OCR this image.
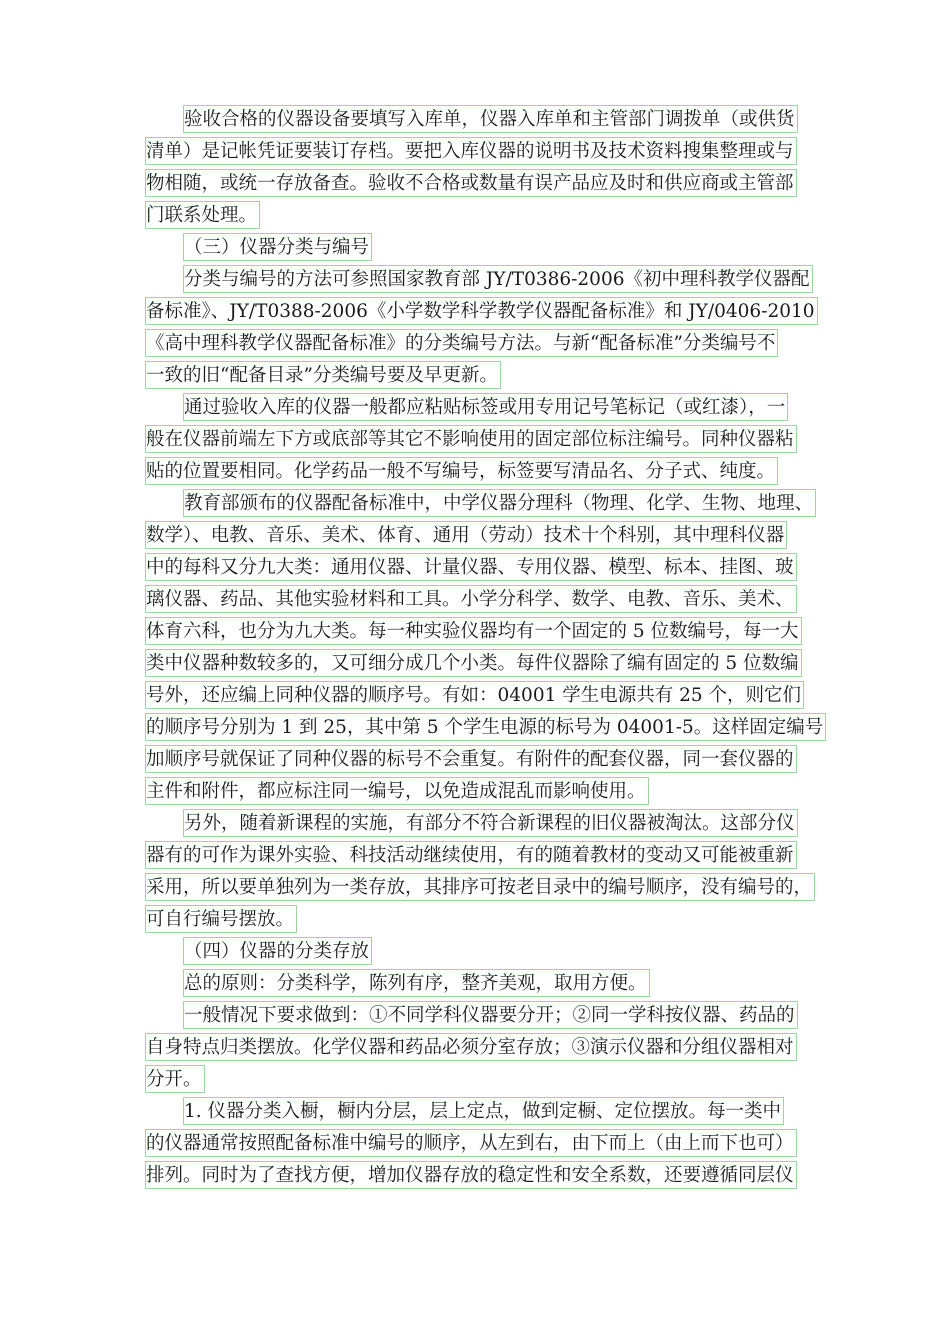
验收合格的仪器设备要填写入库单，仪器入库单和主管部门调拨单（或供货
清单）是记帐凭证要装订存档。要把入库仪器的说明书及技术资料搜集整理或与
物相随，或统一存放备查。验收不合格或数量有误产品应及时和供应商或主管部
门联系处理。
（三）仪器分类与编号
分类与编号的方法可参照国家教育部 JY/T0386-2006《初中理科教学仪器配
备标准》、JY/T0388-2006《小学数学科学教学仪器配备标准》和 JY/0406-2010
《高中理科教学仪器配备标准》的分类编号方法。与新“配备标准”分类编号不
一致的旧“配备目录”分类编号要及早更新。
通过验收入库的仪器一般都应粘贴标签或用专用记号笔标记（或红漆），一
般在仪器前端左下方或底部等其它不影响使用的固定部位标注编号。同种仪器粘
贴的位置要相同。化学药品一般不写编号，标签要写清品名、分子式、纯度。
教育部颁布的仪器配备标准中，中学仪器分理科（物理、化学、生物、地理、
数学）、电教、音乐、美术、体育、通用（劳动）技术十个科别，其中理科仪器
中的每科又分九大类：通用仪器、计量仪器、专用仪器、模型、标本、挂图、玻
璃仪器、药品、其他实验材料和工具。小学分科学、数学、电教、音乐、美术、
体育六科，也分为九大类。每一种实验仪器均有一个固定的 5 位数编号，每一大
类中仪器种数较多的，又可细分成几个小类。每件仪器除了编有固定的 5 位数编
号外，还应编上同种仪器的顺序号。有如：04001 学生电源共有 25 个，则它们
的顺序号分别为 1 到 25，其中第 5 个学生电源的标号为 04001-5。这样固定编号
加顺序号就保证了同种仪器的标号不会重复。有附件的配套仪器，同一套仪器的
主件和附件，都应标注同一编号，以免造成混乱而影响使用。
另外，随着新课程的实施，有部分不符合新课程的旧仪器被淘汰。这部分仪
器有的可作为课外实验、科技活动继续使用，有的随着教材的变动又可能被重新
采用，所以要单独列为一类存放，其排序可按老目录中的编号顺序，没有编号的，
可自行编号摆放。
（四）仪器的分类存放
总的原则：分类科学，陈列有序，整齐美观，取用方便。
一般情况下要求做到：①不同学科仪器要分开；②同一学科按仪器、药品的
自身特点归类摆放。化学仪器和药品必须分室存放；③演示仪器和分组仪器相对
分开。
1. 仪器分类入橱，橱内分层，层上定点，做到定橱、定位摆放。每一类中
的仪器通常按照配备标准中编号的顺序，从左到右，由下而上（由上而下也可）
排列。同时为了查找方便，增加仪器存放的稳定性和安全系数，还要遵循同层仪
